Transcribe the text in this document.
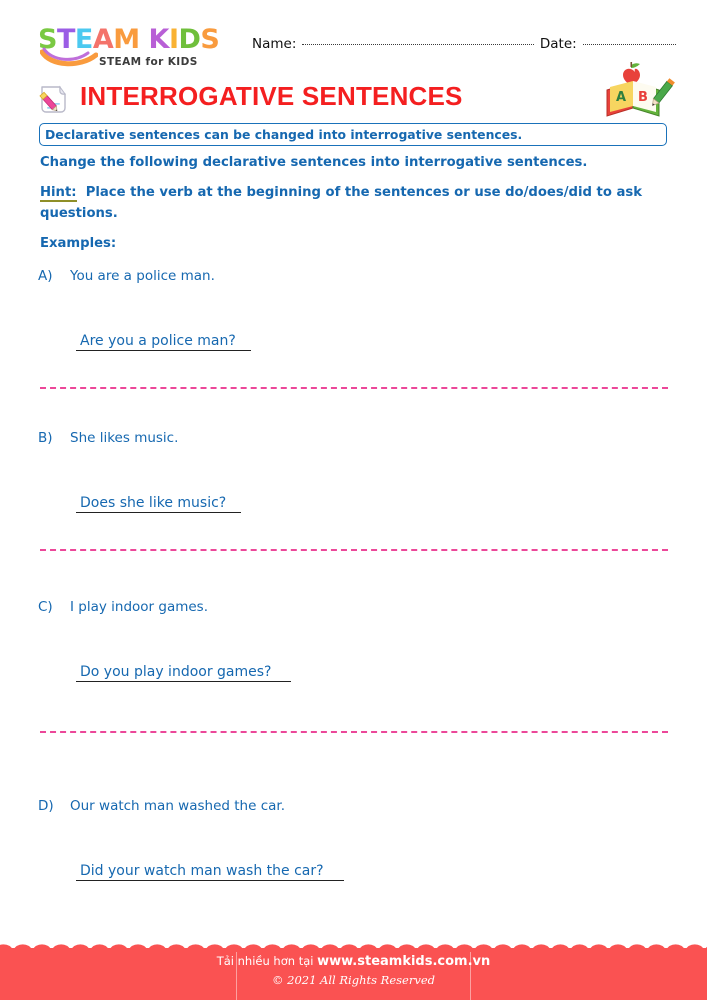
STEAM KIDS
STEAM for KIDS
Name:	Date:
INTERROGATIVE SENTENCES	A B
Declarative sentences can be changed into interrogative sentences.
Change the following declarative sentences into interrogative sentences.
Hint: Place the verb at the beginning of the sentences or use do/does/did to ask questions.
Examples:
A)	You are a police man.
Are you a police man?
B)	She likes music.
Does she like music?
C)	I play indoor games.
Do you play indoor games?
D)	Our watch man washed the car.
Did your watch man wash the car?
Tải nhiều hơn tại www.steamkids.com.vn
© 2021 All Rights Reserved
